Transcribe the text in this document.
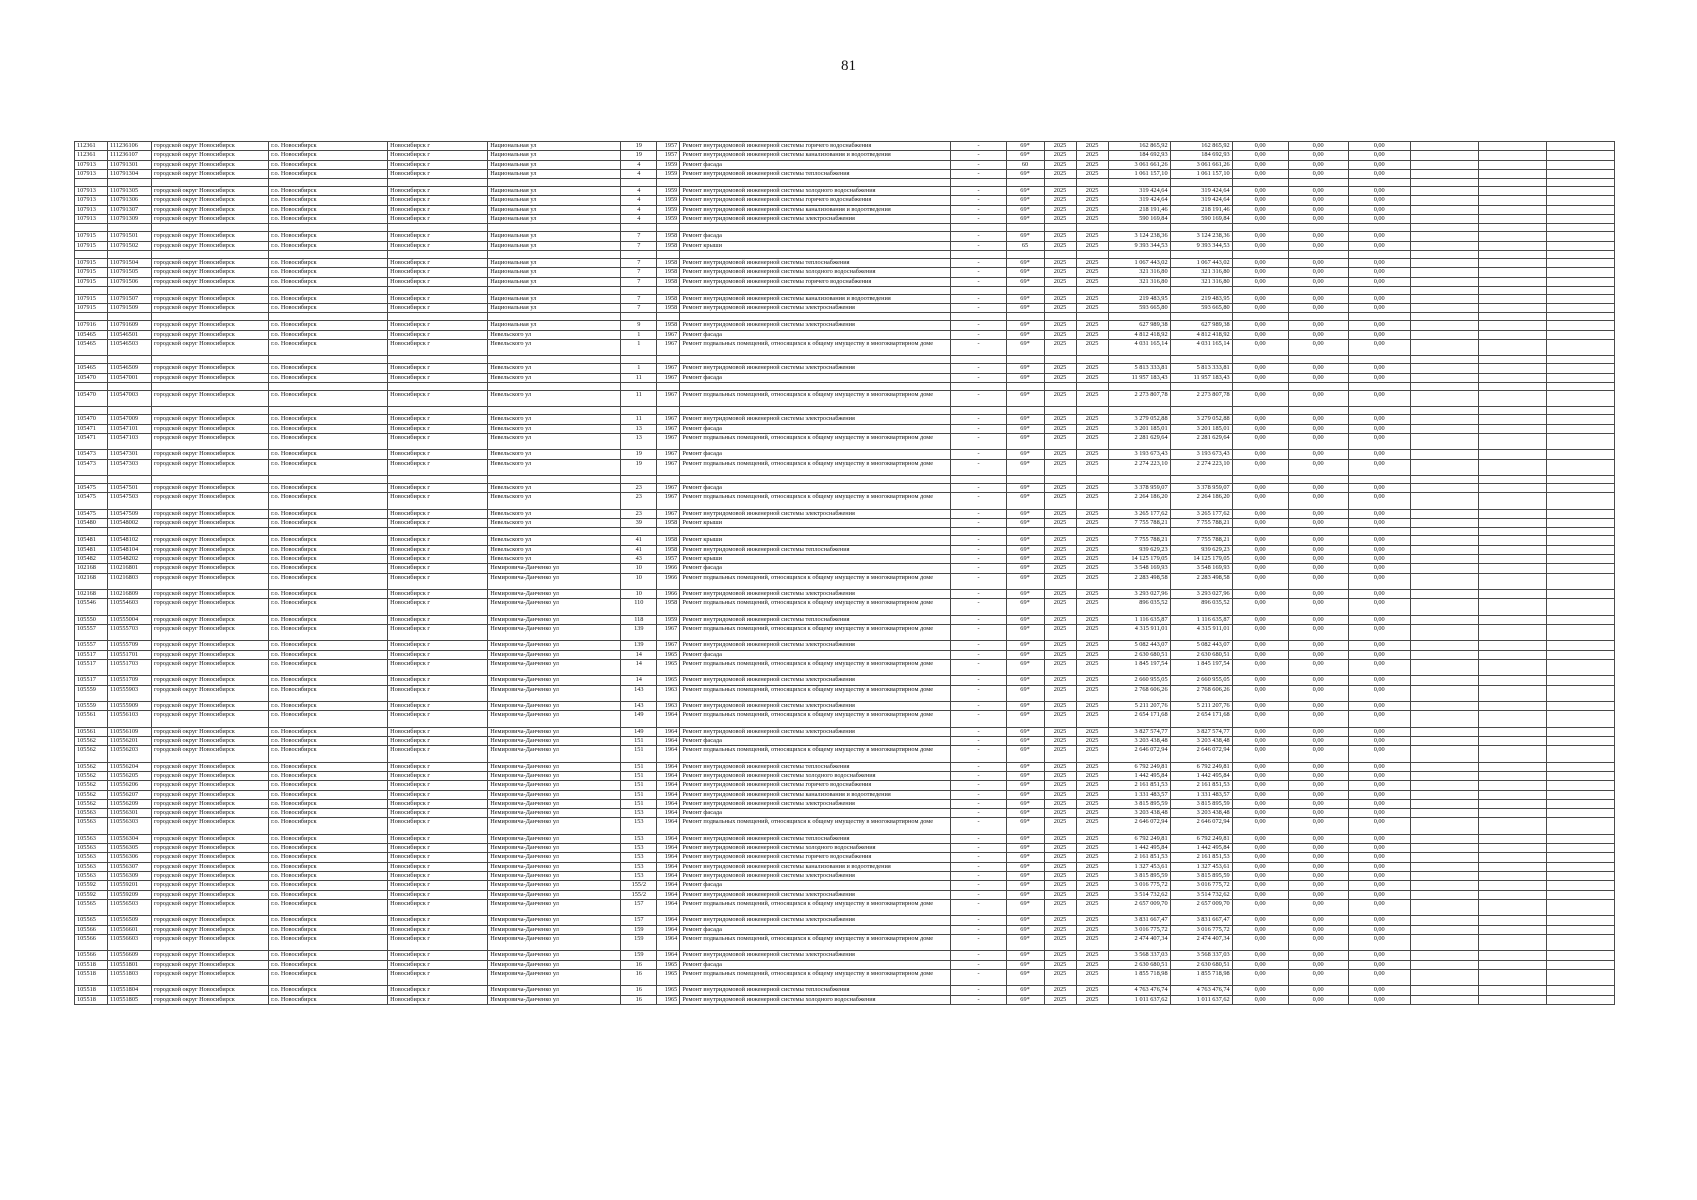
81
112361	111236106	городской округ Новосибирск	г.о. Новосибирск	Новосибирск г	Национальная ул	19	1957	Ремонт внутридомовой инженерной системы горячего водоснабжения	-	69*	2025	2025	162 865,92	162 865,92	0,00	0,00	0,00			
112361	111236107	городской округ Новосибирск	г.о. Новосибирск	Новосибирск г	Национальная ул	19	1957	Ремонт внутридомовой инженерной системы канализования и водоотведения	-	69*	2025	2025	184 692,93	184 692,93	0,00	0,00	0,00			
107913	110791301	городской округ Новосибирск	г.о. Новосибирск	Новосибирск г	Национальная ул	4	1959	Ремонт фасада	-	60	2025	2025	3 061 661,26	3 061 661,26	0,00	0,00	0,00			
107913	110791304	городской округ Новосибирск	г.о. Новосибирск	Новосибирск г	Национальная ул	4	1959	Ремонт внутридомовой инженерной системы теплоснабжения	-	69*	2025	2025	1 061 157,10	1 061 157,10	0,00	0,00	0,00			

107913	110791305	городской округ Новосибирск	г.о. Новосибирск	Новосибирск г	Национальная ул	4	1959	Ремонт внутридомовой инженерной системы холодного водоснабжения	-	69*	2025	2025	319 424,64	319 424,64	0,00	0,00	0,00			
107913	110791306	городской округ Новосибирск	г.о. Новосибирск	Новосибирск г	Национальная ул	4	1959	Ремонт внутридомовой инженерной системы горячего водоснабжения	-	69*	2025	2025	319 424,64	319 424,64	0,00	0,00	0,00			
107913	110791307	городской округ Новосибирск	г.о. Новосибирск	Новосибирск г	Национальная ул	4	1959	Ремонт внутридомовой инженерной системы канализования и водоотведения	-	69*	2025	2025	218 191,46	218 191,46	0,00	0,00	0,00			
107913	110791309	городской округ Новосибирск	г.о. Новосибирск	Новосибирск г	Национальная ул	4	1959	Ремонт внутридомовой инженерной системы электроснабжения	-	69*	2025	2025	590 169,84	590 169,84	0,00	0,00	0,00			

107915	110791501	городской округ Новосибирск	г.о. Новосибирск	Новосибирск г	Национальная ул	7	1958	Ремонт фасада	-	69*	2025	2025	3 124 238,36	3 124 238,36	0,00	0,00	0,00			
107915	110791502	городской округ Новосибирск	г.о. Новосибирск	Новосибирск г	Национальная ул	7	1958	Ремонт крыши	-	65	2025	2025	9 393 344,53	9 393 344,53	0,00	0,00	0,00			

107915	110791504	городской округ Новосибирск	г.о. Новосибирск	Новосибирск г	Национальная ул	7	1958	Ремонт внутридомовой инженерной системы теплоснабжения	-	69*	2025	2025	1 067 443,02	1 067 443,02	0,00	0,00	0,00			
107915	110791505	городской округ Новосибирск	г.о. Новосибирск	Новосибирск г	Национальная ул	7	1958	Ремонт внутридомовой инженерной системы холодного водоснабжения	-	69*	2025	2025	321 316,80	321 316,80	0,00	0,00	0,00			
107915	110791506	городской округ Новосибирск	г.о. Новосибирск	Новосибирск г	Национальная ул	7	1958	Ремонт внутридомовой инженерной системы горячего водоснабжения	-	69*	2025	2025	321 316,80	321 316,80	0,00	0,00	0,00			

107915	110791507	городской округ Новосибирск	г.о. Новосибирск	Новосибирск г	Национальная ул	7	1958	Ремонт внутридомовой инженерной системы канализования и водоотведения	-	69*	2025	2025	219 483,95	219 483,95	0,00	0,00	0,00			
107915	110791509	городской округ Новосибирск	г.о. Новосибирск	Новосибирск г	Национальная ул	7	1958	Ремонт внутридомовой инженерной системы электроснабжения	-	69*	2025	2025	593 665,80	593 665,80	0,00	0,00	0,00			

107916	110791609	городской округ Новосибирск	г.о. Новосибирск	Новосибирск г	Национальная ул	9	1958	Ремонт внутридомовой инженерной системы электроснабжения	-	69*	2025	2025	627 989,38	627 989,38	0,00	0,00	0,00			
105465	110546501	городской округ Новосибирск	г.о. Новосибирск	Новосибирск г	Невельского ул	1	1967	Ремонт фасада	-	69*	2025	2025	4 812 418,92	4 812 418,92	0,00	0,00	0,00			
105465	110546503	городской округ Новосибирск	г.о. Новосибирск	Новосибирск г	Невельского ул	1	1967	Ремонт подвальных помещений, относящихся к общему имуществу в многоквартирном доме	-	69*	2025	2025	4 031 165,14	4 031 165,14	0,00	0,00	0,00			

105465	110546509	городской округ Новосибирск	г.о. Новосибирск	Новосибирск г	Невельского ул	1	1967	Ремонт внутридомовой инженерной системы электроснабжения	-	69*	2025	2025	5 813 333,81	5 813 333,81	0,00	0,00	0,00			
105470	110547001	городской округ Новосибирск	г.о. Новосибирск	Новосибирск г	Невельского ул	11	1967	Ремонт фасада	-	69*	2025	2025	11 957 183,43	11 957 183,43	0,00	0,00	0,00			

105470	110547003	городской округ Новосибирск	г.о. Новосибирск	Новосибирск г	Невельского ул	11	1967	Ремонт подвальных помещений, относящихся к общему имуществу в многоквартирном доме	-	69*	2025	2025	2 273 807,78	2 273 807,78	0,00	0,00	0,00			

105470	110547009	городской округ Новосибирск	г.о. Новосибирск	Новосибирск г	Невельского ул	11	1967	Ремонт внутридомовой инженерной системы электроснабжения	-	69*	2025	2025	3 279 052,88	3 279 052,88	0,00	0,00	0,00			
105471	110547101	городской округ Новосибирск	г.о. Новосибирск	Новосибирск г	Невельского ул	13	1967	Ремонт фасада	-	69*	2025	2025	3 201 185,01	3 201 185,01	0,00	0,00	0,00			
105471	110547103	городской округ Новосибирск	г.о. Новосибирск	Новосибирск г	Невельского ул	13	1967	Ремонт подвальных помещений, относящихся к общему имуществу в многоквартирном доме	-	69*	2025	2025	2 281 629,64	2 281 629,64	0,00	0,00	0,00			
105473	110547301	городской округ Новосибирск	г.о. Новосибирск	Новосибирск г	Невельского ул	19	1967	Ремонт фасада	-	69*	2025	2025	3 193 673,43	3 193 673,43	0,00	0,00	0,00			
105473	110547303	городской округ Новосибирск	г.о. Новосибирск	Новосибирск г	Невельского ул	19	1967	Ремонт подвальных помещений, относящихся к общему имуществу в многоквартирном доме	-	69*	2025	2025	2 274 223,10	2 274 223,10	0,00	0,00	0,00			

105475	110547501	городской округ Новосибирск	г.о. Новосибирск	Новосибирск г	Невельского ул	23	1967	Ремонт фасада	-	69*	2025	2025	3 378 959,07	3 378 959,07	0,00	0,00	0,00			
105475	110547503	городской округ Новосибирск	г.о. Новосибирск	Новосибирск г	Невельского ул	23	1967	Ремонт подвальных помещений, относящихся к общему имуществу в многоквартирном доме	-	69*	2025	2025	2 264 186,20	2 264 186,20	0,00	0,00	0,00			
105475	110547509	городской округ Новосибирск	г.о. Новосибирск	Новосибирск г	Невельского ул	23	1967	Ремонт внутридомовой инженерной системы электроснабжения	-	69*	2025	2025	3 265 177,62	3 265 177,62	0,00	0,00	0,00			
105480	110548002	городской округ Новосибирск	г.о. Новосибирск	Новосибирск г	Невельского ул	39	1958	Ремонт крыши	-	69*	2025	2025	7 755 788,21	7 755 788,21	0,00	0,00	0,00			

105481	110548102	городской округ Новосибирск	г.о. Новосибирск	Новосибирск г	Невельского ул	41	1958	Ремонт крыши	-	69*	2025	2025	7 755 788,21	7 755 788,21	0,00	0,00	0,00			
105481	110548104	городской округ Новосибирск	г.о. Новосибирск	Новосибирск г	Невельского ул	41	1958	Ремонт внутридомовой инженерной системы теплоснабжения	-	69*	2025	2025	939 629,23	939 629,23	0,00	0,00	0,00			
105482	110548202	городской округ Новосибирск	г.о. Новосибирск	Новосибирск г	Невельского ул	43	1957	Ремонт крыши	-	69*	2025	2025	14 125 179,05	14 125 179,05	0,00	0,00	0,00			
102168	110216801	городской округ Новосибирск	г.о. Новосибирск	Новосибирск г	Немировича-Данченко ул	10	1966	Ремонт фасада	-	69*	2025	2025	3 548 169,93	3 548 169,93	0,00	0,00	0,00			
102168	110216803	городской округ Новосибирск	г.о. Новосибирск	Новосибирск г	Немировича-Данченко ул	10	1966	Ремонт подвальных помещений, относящихся к общему имуществу в многоквартирном доме	-	69*	2025	2025	2 283 498,58	2 283 498,58	0,00	0,00	0,00			
102168	110216809	городской округ Новосибирск	г.о. Новосибирск	Новосибирск г	Немировича-Данченко ул	10	1966	Ремонт внутридомовой инженерной системы электроснабжения	-	69*	2025	2025	3 293 027,96	3 293 027,96	0,00	0,00	0,00			
105546	110554603	городской округ Новосибирск	г.о. Новосибирск	Новосибирск г	Немировича-Данченко ул	110	1958	Ремонт подвальных помещений, относящихся к общему имуществу в многоквартирном доме	-	69*	2025	2025	896 035,52	896 035,52	0,00	0,00	0,00			
105550	110555004	городской округ Новосибирск	г.о. Новосибирск	Новосибирск г	Немировича-Данченко ул	118	1959	Ремонт внутридомовой инженерной системы теплоснабжения	-	69*	2025	2025	1 116 635,87	1 116 635,87	0,00	0,00	0,00			
105557	110555703	городской округ Новосибирск	г.о. Новосибирск	Новосибирск г	Немировича-Данченко ул	139	1967	Ремонт подвальных помещений, относящихся к общему имуществу в многоквартирном доме	-	69*	2025	2025	4 315 911,01	4 315 911,01	0,00	0,00	0,00			
105557	110555709	городской округ Новосибирск	г.о. Новосибирск	Новосибирск г	Немировича-Данченко ул	139	1967	Ремонт внутридомовой инженерной системы электроснабжения	-	69*	2025	2025	5 082 443,07	5 082 443,07	0,00	0,00	0,00			
105517	110551701	городской округ Новосибирск	г.о. Новосибирск	Новосибирск г	Немировича-Данченко ул	14	1965	Ремонт фасада	-	69*	2025	2025	2 630 680,51	2 630 680,51	0,00	0,00	0,00			
105517	110551703	городской округ Новосибирск	г.о. Новосибирск	Новосибирск г	Немировича-Данченко ул	14	1965	Ремонт подвальных помещений, относящихся к общему имуществу в многоквартирном доме	-	69*	2025	2025	1 845 197,54	1 845 197,54	0,00	0,00	0,00			
105517	110551709	городской округ Новосибирск	г.о. Новосибирск	Новосибирск г	Немировича-Данченко ул	14	1965	Ремонт внутридомовой инженерной системы электроснабжения	-	69*	2025	2025	2 660 955,05	2 660 955,05	0,00	0,00	0,00			
105559	110555903	городской округ Новосибирск	г.о. Новосибирск	Новосибирск г	Немировича-Данченко ул	143	1963	Ремонт подвальных помещений, относящихся к общему имуществу в многоквартирном доме	-	69*	2025	2025	2 768 606,26	2 768 606,26	0,00	0,00	0,00			
105559	110555909	городской округ Новосибирск	г.о. Новосибирск	Новосибирск г	Немировича-Данченко ул	143	1963	Ремонт внутридомовой инженерной системы электроснабжения	-	69*	2025	2025	5 211 207,76	5 211 207,76	0,00	0,00	0,00			
105561	110556103	городской округ Новосибирск	г.о. Новосибирск	Новосибирск г	Немировича-Данченко ул	149	1964	Ремонт подвальных помещений, относящихся к общему имуществу в многоквартирном доме	-	69*	2025	2025	2 654 171,68	2 654 171,68	0,00	0,00	0,00			
105561	110556109	городской округ Новосибирск	г.о. Новосибирск	Новосибирск г	Немировича-Данченко ул	149	1964	Ремонт внутридомовой инженерной системы электроснабжения	-	69*	2025	2025	3 827 574,77	3 827 574,77	0,00	0,00	0,00			
105562	110556201	городской округ Новосибирск	г.о. Новосибирск	Новосибирск г	Немировича-Данченко ул	151	1964	Ремонт фасада	-	69*	2025	2025	3 203 438,48	3 203 438,48	0,00	0,00	0,00			
105562	110556203	городской округ Новосибирск	г.о. Новосибирск	Новосибирск г	Немировича-Данченко ул	151	1964	Ремонт подвальных помещений, относящихся к общему имуществу в многоквартирном доме	-	69*	2025	2025	2 646 072,94	2 646 072,94	0,00	0,00	0,00			
105562	110556204	городской округ Новосибирск	г.о. Новосибирск	Новосибирск г	Немировича-Данченко ул	151	1964	Ремонт внутридомовой инженерной системы теплоснабжения	-	69*	2025	2025	6 792 249,81	6 792 249,81	0,00	0,00	0,00			
105562	110556205	городской округ Новосибирск	г.о. Новосибирск	Новосибирск г	Немировича-Данченко ул	151	1964	Ремонт внутридомовой инженерной системы холодного водоснабжения	-	69*	2025	2025	1 442 495,84	1 442 495,84	0,00	0,00	0,00			
105562	110556206	городской округ Новосибирск	г.о. Новосибирск	Новосибирск г	Немировича-Данченко ул	151	1964	Ремонт внутридомовой инженерной системы горячего водоснабжения	-	69*	2025	2025	2 161 851,53	2 161 851,53	0,00	0,00	0,00			
105562	110556207	городской округ Новосибирск	г.о. Новосибирск	Новосибирск г	Немировича-Данченко ул	151	1964	Ремонт внутридомовой инженерной системы канализования и водоотведения	-	69*	2025	2025	1 331 483,57	1 331 483,57	0,00	0,00	0,00			
105562	110556209	городской округ Новосибирск	г.о. Новосибирск	Новосибирск г	Немировича-Данченко ул	151	1964	Ремонт внутридомовой инженерной системы электроснабжения	-	69*	2025	2025	3 815 895,59	3 815 895,59	0,00	0,00	0,00			
105563	110556301	городской округ Новосибирск	г.о. Новосибирск	Новосибирск г	Немировича-Данченко ул	153	1964	Ремонт фасада	-	69*	2025	2025	3 203 438,48	3 203 438,48	0,00	0,00	0,00			
105563	110556303	городской округ Новосибирск	г.о. Новосибирск	Новосибирск г	Немировича-Данченко ул	153	1964	Ремонт подвальных помещений, относящихся к общему имуществу в многоквартирном доме	-	69*	2025	2025	2 646 072,94	2 646 072,94	0,00	0,00	0,00			
105563	110556304	городской округ Новосибирск	г.о. Новосибирск	Новосибирск г	Немировича-Данченко ул	153	1964	Ремонт внутридомовой инженерной системы теплоснабжения	-	69*	2025	2025	6 792 249,81	6 792 249,81	0,00	0,00	0,00			
105563	110556305	городской округ Новосибирск	г.о. Новосибирск	Новосибирск г	Немировича-Данченко ул	153	1964	Ремонт внутридомовой инженерной системы холодного водоснабжения	-	69*	2025	2025	1 442 495,84	1 442 495,84	0,00	0,00	0,00			
105563	110556306	городской округ Новосибирск	г.о. Новосибирск	Новосибирск г	Немировича-Данченко ул	153	1964	Ремонт внутридомовой инженерной системы горячего водоснабжения	-	69*	2025	2025	2 161 851,53	2 161 851,53	0,00	0,00	0,00			
105563	110556307	городской округ Новосибирск	г.о. Новосибирск	Новосибирск г	Немировича-Данченко ул	153	1964	Ремонт внутридомовой инженерной системы канализования и водоотведения	-	69*	2025	2025	1 327 453,61	1 327 453,61	0,00	0,00	0,00			
105563	110556309	городской округ Новосибирск	г.о. Новосибирск	Новосибирск г	Немировича-Данченко ул	153	1964	Ремонт внутридомовой инженерной системы электроснабжения	-	69*	2025	2025	3 815 895,59	3 815 895,59	0,00	0,00	0,00			
105592	110559201	городской округ Новосибирск	г.о. Новосибирск	Новосибирск г	Немировича-Данченко ул	155/2	1964	Ремонт фасада	-	69*	2025	2025	3 016 775,72	3 016 775,72	0,00	0,00	0,00			
105592	110559209	городской округ Новосибирск	г.о. Новосибирск	Новосибирск г	Немировича-Данченко ул	155/2	1964	Ремонт внутридомовой инженерной системы электроснабжения	-	69*	2025	2025	3 514 732,62	3 514 732,62	0,00	0,00	0,00			
105565	110556503	городской округ Новосибирск	г.о. Новосибирск	Новосибирск г	Немировича-Данченко ул	157	1964	Ремонт подвальных помещений, относящихся к общему имуществу в многоквартирном доме	-	69*	2025	2025	2 657 009,70	2 657 009,70	0,00	0,00	0,00			
105565	110556509	городской округ Новосибирск	г.о. Новосибирск	Новосибирск г	Немировича-Данченко ул	157	1964	Ремонт внутридомовой инженерной системы электроснабжения	-	69*	2025	2025	3 831 667,47	3 831 667,47	0,00	0,00	0,00			
105566	110556601	городской округ Новосибирск	г.о. Новосибирск	Новосибирск г	Немировича-Данченко ул	159	1964	Ремонт фасада	-	69*	2025	2025	3 016 775,72	3 016 775,72	0,00	0,00	0,00			
105566	110556603	городской округ Новосибирск	г.о. Новосибирск	Новосибирск г	Немировича-Данченко ул	159	1964	Ремонт подвальных помещений, относящихся к общему имуществу в многоквартирном доме	-	69*	2025	2025	2 474 407,34	2 474 407,34	0,00	0,00	0,00			
105566	110556609	городской округ Новосибирск	г.о. Новосибирск	Новосибирск г	Немировича-Данченко ул	159	1964	Ремонт внутридомовой инженерной системы электроснабжения	-	69*	2025	2025	3 568 337,03	3 568 337,03	0,00	0,00	0,00			
105518	110551801	городской округ Новосибирск	г.о. Новосибирск	Новосибирск г	Немировича-Данченко ул	16	1965	Ремонт фасада	-	69*	2025	2025	2 630 680,51	2 630 680,51	0,00	0,00	0,00			
105518	110551803	городской округ Новосибирск	г.о. Новосибирск	Новосибирск г	Немировича-Данченко ул	16	1965	Ремонт подвальных помещений, относящихся к общему имуществу в многоквартирном доме	-	69*	2025	2025	1 855 718,98	1 855 718,98	0,00	0,00	0,00			
105518	110551804	городской округ Новосибирск	г.о. Новосибирск	Новосибирск г	Немировича-Данченко ул	16	1965	Ремонт внутридомовой инженерной системы теплоснабжения	-	69*	2025	2025	4 763 476,74	4 763 476,74	0,00	0,00	0,00			
105518	110551805	городской округ Новосибирск	г.о. Новосибирск	Новосибирск г	Немировича-Данченко ул	16	1965	Ремонт внутридомовой инженерной системы холодного водоснабжения	-	69*	2025	2025	1 011 637,62	1 011 637,62	0,00	0,00	0,00			
